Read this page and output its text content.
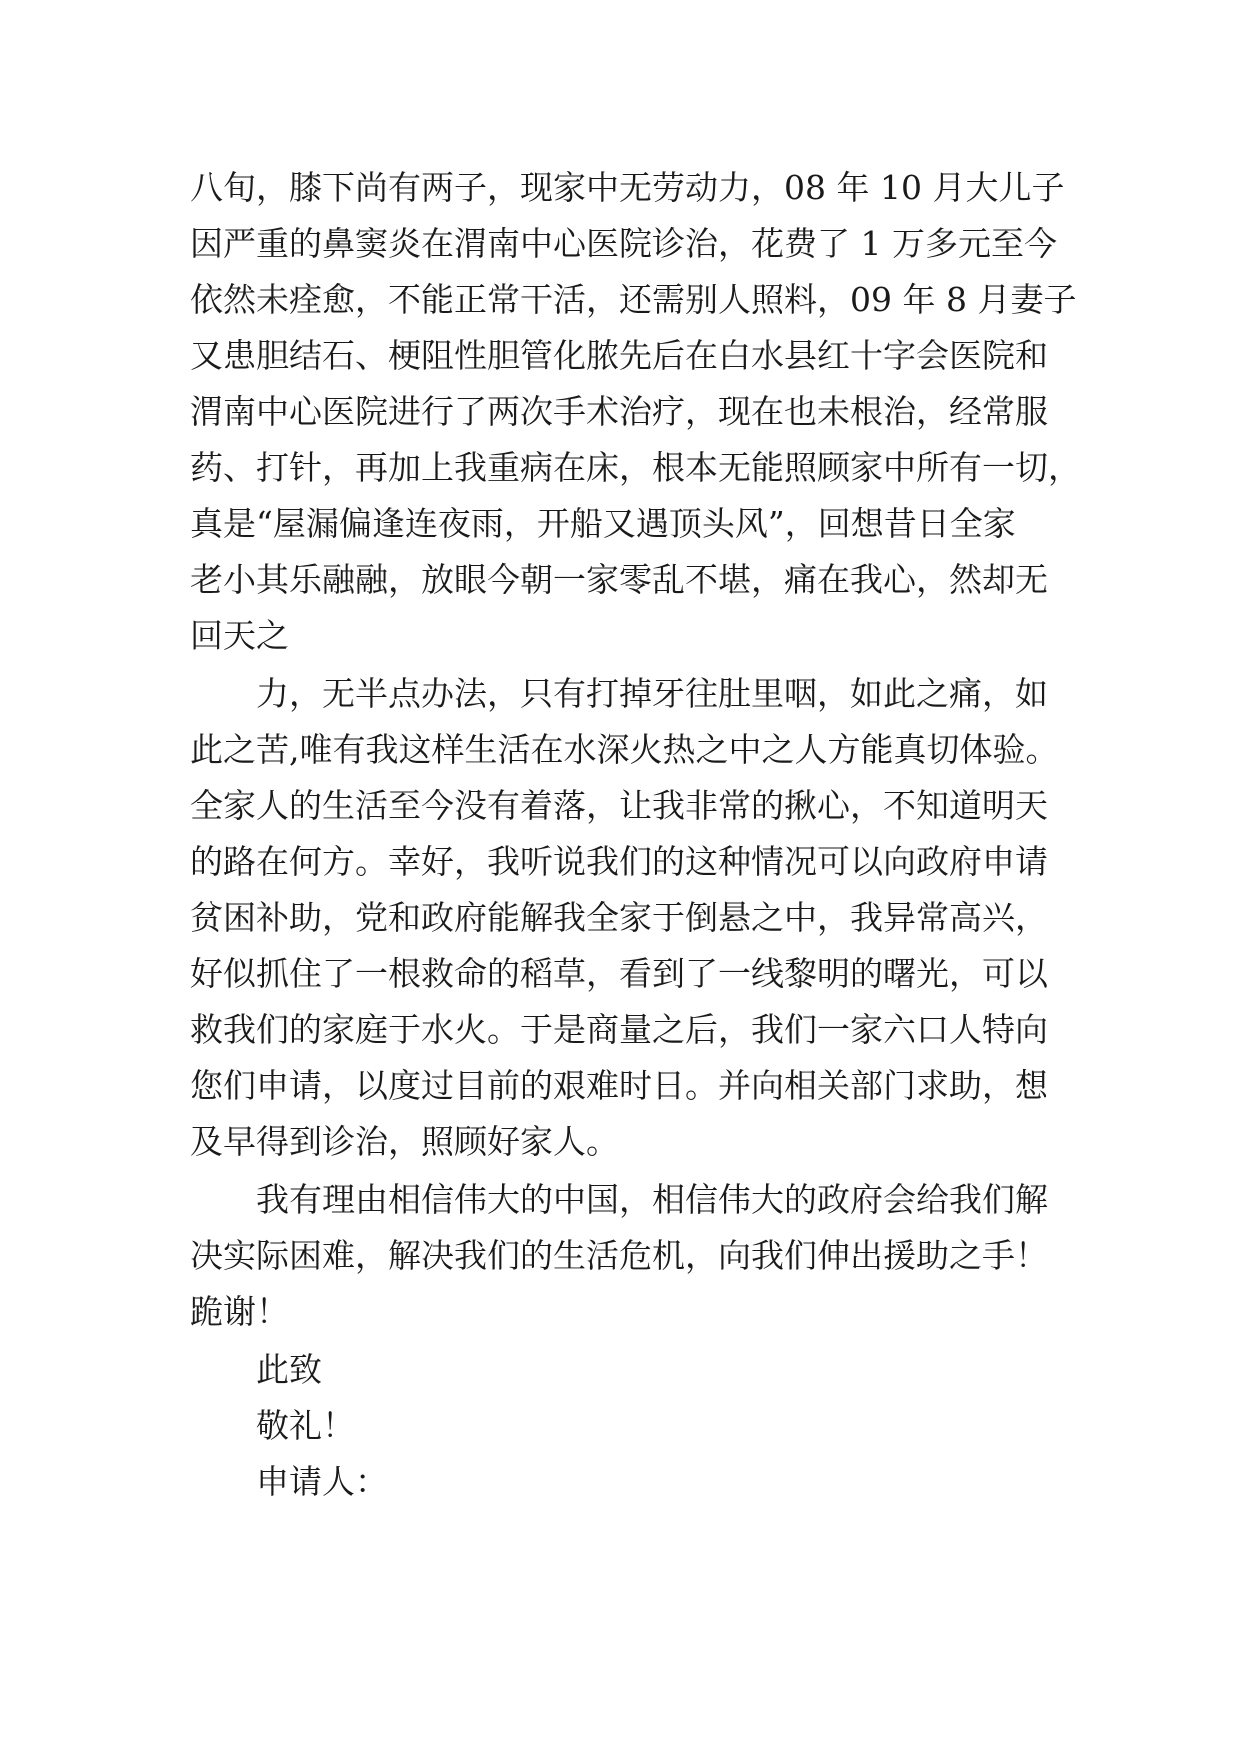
八旬，膝下尚有两子，现家中无劳动力，08 年 10 月大儿子
因严重的鼻窦炎在渭南中心医院诊治，花费了 1 万多元至今
依然未痊愈，不能正常干活，还需别人照料，09 年 8 月妻子
又患胆结石、梗阻性胆管化脓先后在白水县红十字会医院和
渭南中心医院进行了两次手术治疗，现在也未根治，经常服
药、打针，再加上我重病在床，根本无能照顾家中所有一切，
真是“屋漏偏逢连夜雨，开船又遇顶头风”，回想昔日全家
老小其乐融融，放眼今朝一家零乱不堪，痛在我心，然却无
回天之
力，无半点办法，只有打掉牙往肚里咽，如此之痛，如
此之苦,唯有我这样生活在水深火热之中之人方能真切体验。
全家人的生活至今没有着落，让我非常的揪心，不知道明天
的路在何方。幸好，我听说我们的这种情况可以向政府申请
贫困补助，党和政府能解我全家于倒悬之中，我异常高兴，
好似抓住了一根救命的稻草，看到了一线黎明的曙光，可以
救我们的家庭于水火。于是商量之后，我们一家六口人特向
您们申请，以度过目前的艰难时日。并向相关部门求助，想
及早得到诊治，照顾好家人。
我有理由相信伟大的中国，相信伟大的政府会给我们解
决实际困难，解决我们的生活危机，向我们伸出援助之手！
跪谢！
此致
敬礼！
申请人：
